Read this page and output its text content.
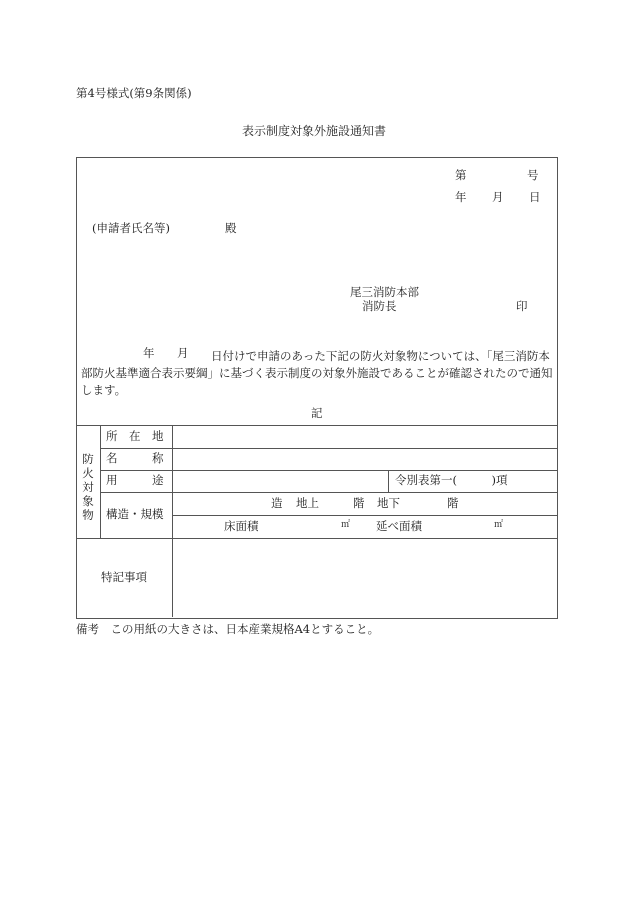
第4号様式(第9条関係)
表示制度対象外施設通知書
第	号
年 月 日
(申請者氏名等)	殿
尾三消防本部
消防長	印
年 月	日付けで申請のあった下記の防火対象物については、「尾三消防本部防火基準適合表示要綱」に基づく表示制度の対象外施設であることが確認されたので通知します。
記
防火対象物
所　在　地
名　　　称
用　　　途	令別表第一(　　　)項
構造・規模
造 地上	階 地下	階
床面積	㎡ 延べ面積	㎡
特記事項
備考　この用紙の大きさは、日本産業規格A4とすること。
